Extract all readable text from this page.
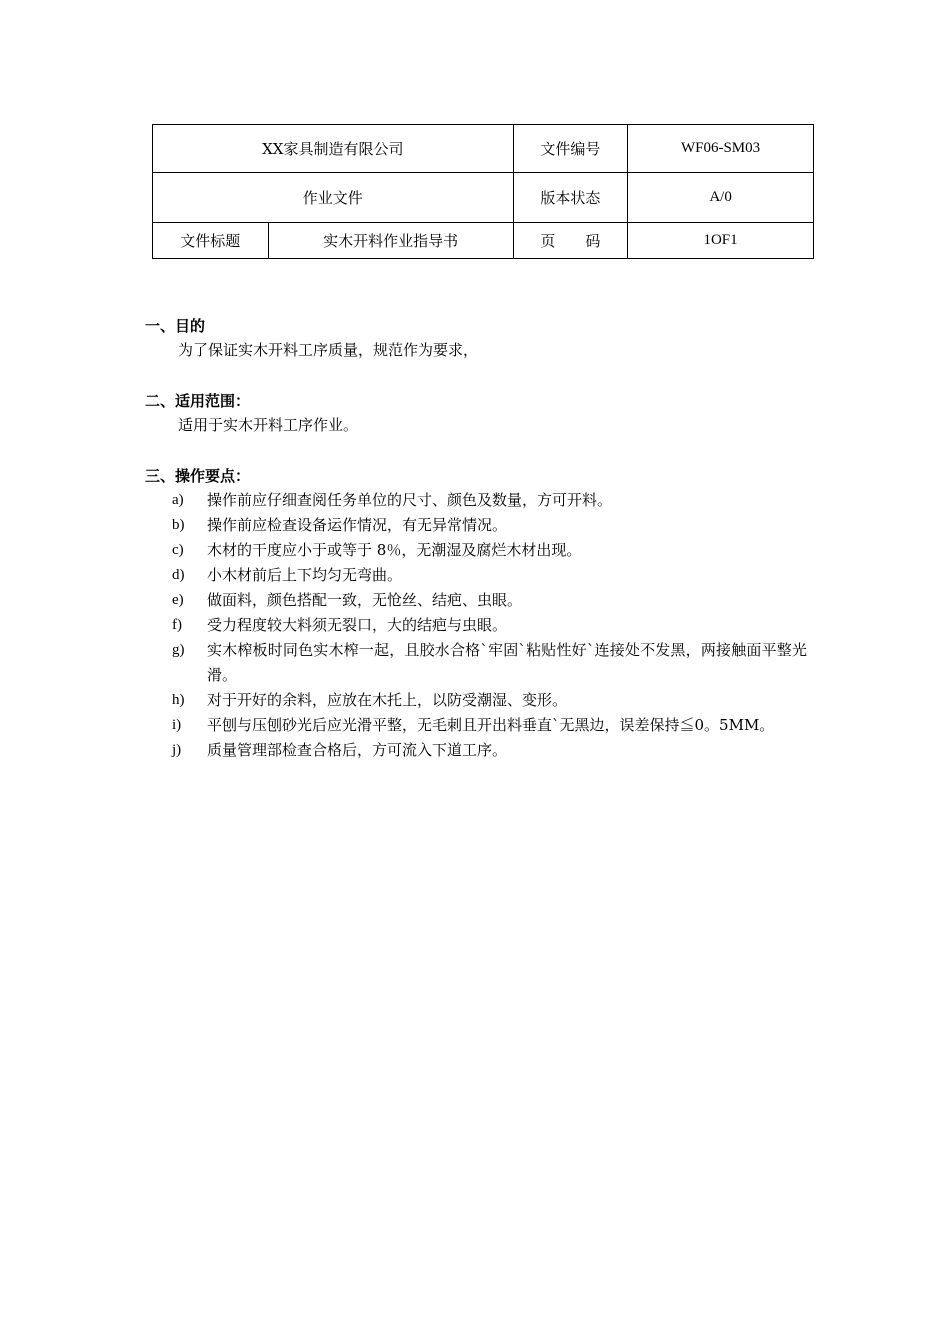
XX家具制造有限公司		文件编号	WF06-SM03
作业文件		版本状态	A/0
文件标题	实木开料作业指导书	页　　码	1OF1
一、目的
为了保证实木开料工序质量，规范作为要求，
二、适用范围：
适用于实木开料工序作业。
三、操作要点：
a) 操作前应仔细查阅任务单位的尺寸、颜色及数量，方可开料。
b) 操作前应检查设备运作情况，有无异常情况。
c) 木材的干度应小于或等于 8％，无潮湿及腐烂木材出现。
d) 小木材前后上下均匀无弯曲。
e) 做面料，颜色搭配一致，无怆丝、结疤、虫眼。
f) 受力程度较大料须无裂口，大的结疤与虫眼。
g) 实木榨板时同色实木榨一起，且胶水合格`牢固`粘贴性好`连接处不发黑，两接触面平整光滑。
h) 对于开好的余料，应放在木托上，以防受潮湿、变形。
i) 平刨与压刨砂光后应光滑平整，无毛刺且开出料垂直`无黑边，误差保持≦0。5MM。
j) 质量管理部检查合格后，方可流入下道工序。
